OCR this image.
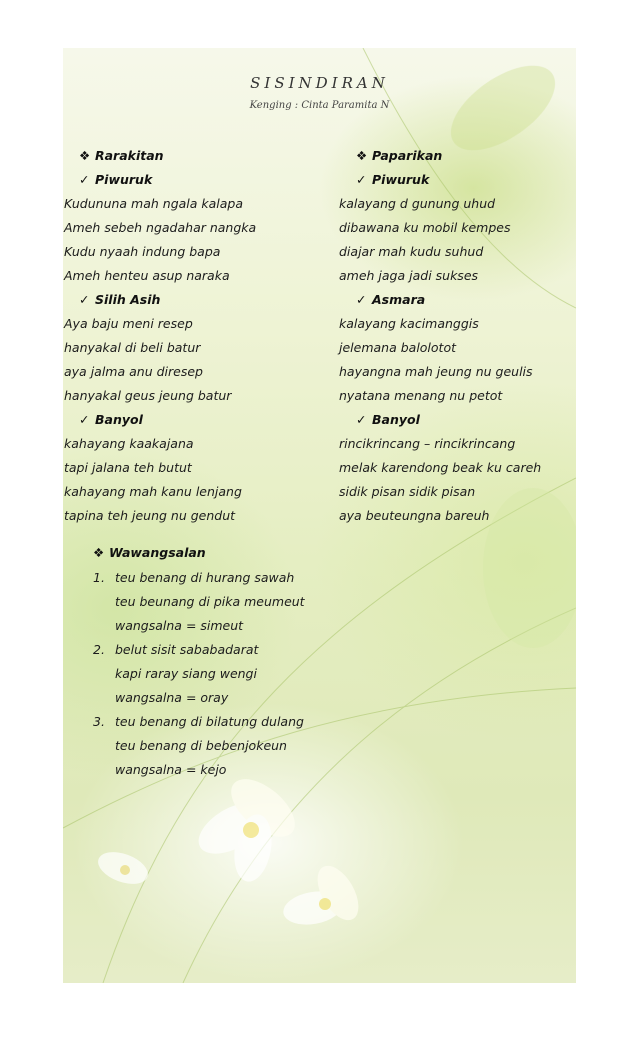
SISINDIRAN
Kenging : Cinta Paramita N
❖ Rarakitan
✓ Piwuruk
Kudununa mah ngala kalapa
Ameh sebeh ngadahar nangka
Kudu nyaah indung bapa
Ameh henteu asup naraka
✓ Silih Asih
Aya baju meni resep
hanyakal di beli batur
aya jalma anu diresep
hanyakal geus jeung batur
✓ Banyol
kahayang kaakajana
tapi jalana teh butut
kahayang mah kanu lenjang
tapina teh jeung nu gendut
❖ Paparikan
✓ Piwuruk
kalayang d gunung uhud
dibawana ku mobil kempes
diajar mah kudu suhud
ameh jaga jadi sukses
✓ Asmara
kalayang kacimanggis
jelemana balolotot
hayangna mah jeung nu geulis
nyatana menang nu petot
✓ Banyol
rincikrincang – rincikrincang
melak karendong beak ku careh
sidik pisan sidik pisan
aya beuteungna bareuh
❖ Wawangsalan
1. teu benang di hurang sawah
teu beunang di pika meumeut
wangsalna = simeut
2. belut sisit sababadarat
kapi raray siang wengi
wangsalna = oray
3. teu benang di bilatung dulang
teu benang di bebenjokeun
wangsalna = kejo
